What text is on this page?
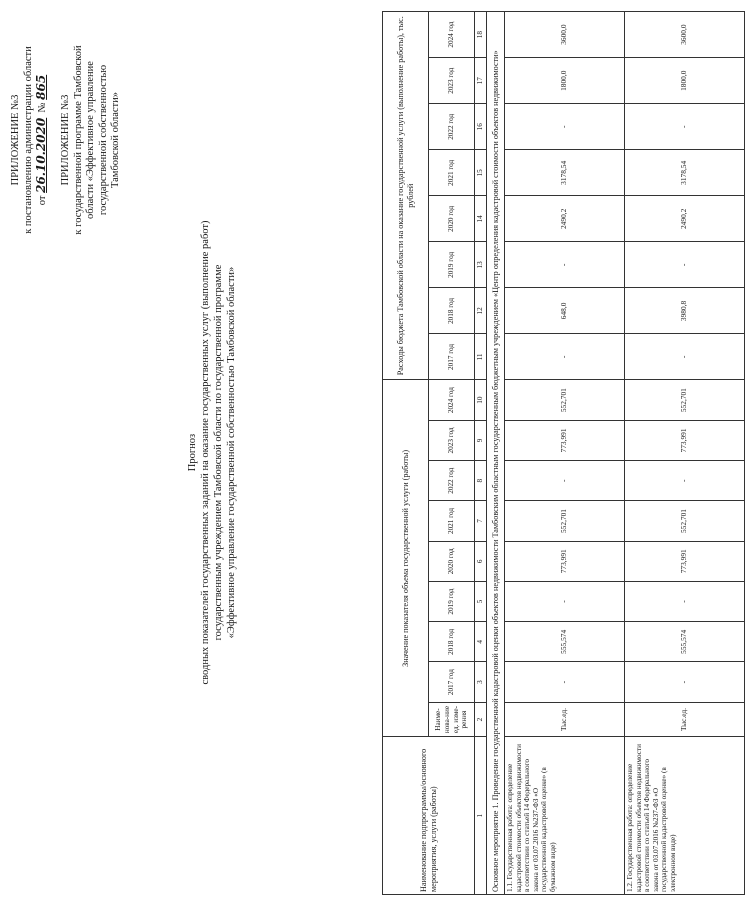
ПРИЛОЖЕНИЕ №3 к постановлению администрации области от 26.10.2020  № 865
ПРИЛОЖЕНИЕ №3 к государственной программе Тамбовской области «Эффективное управление государственной собственностью Тамбовской области»
Прогноз сводных показателей государственных заданий на оказание государственных услуг (выполнение работ) государственным учреждением Тамбовской области по государственной программе «Эффективное управление государственной собственностью Тамбовской области»
Наименование подпрограммы/основного мероприятия, услуги (работы)	Значение показателя объема государственной услуги (работы)									Расходы бюджета Тамбовской области на оказание государственной услуги (выполнение работы), тыс. рублей							
	Наиме-нова-ние ед. изме-рения	2017 год	2018 год	2019 год	2020 год	2021 год	2022 год	2023 год	2024 год	2017 год	2018 год	2019 год	2020 год	2021 год	2022 год	2023 год	2024 год
1	2	3	4	5	6	7	8	9	10	11	12	13	14	15	16	17	18
Основное мероприятие 1. Проведение государственной кадастровой оценки объектов недвижимости Тамбовским областным государственным бюджетным учреждением «Центр определения кадастровой стоимости объектов недвижимости»																	
1.1. Государственная работа: определение кадастровой стоимости объектов недвижимости в соответствии со статьей 14 Федерального закона от 03.07.2016 №237-ФЗ «О государственной кадастровой оценке» (в бумажном виде)	Тыс.ед.	-	555,574	-	773,991	552,701	-	773,991	552,701	-	648,0	-	2490,2	3178,54	-	1800,0	3600,0
1.2. Государственная работа: определение кадастровой стоимости объектов недвижимости в соответствии со статьей 14 Федерального закона от 03.07.2016 №237-ФЗ «О государственной кадастровой оценке» (в электронном виде)	Тыс.ед.	-	555,574	-	773,991	552,701	-	773,991	552,701	-	3980,8	-	2490,2	3178,54	-	1800,0	3600,0
